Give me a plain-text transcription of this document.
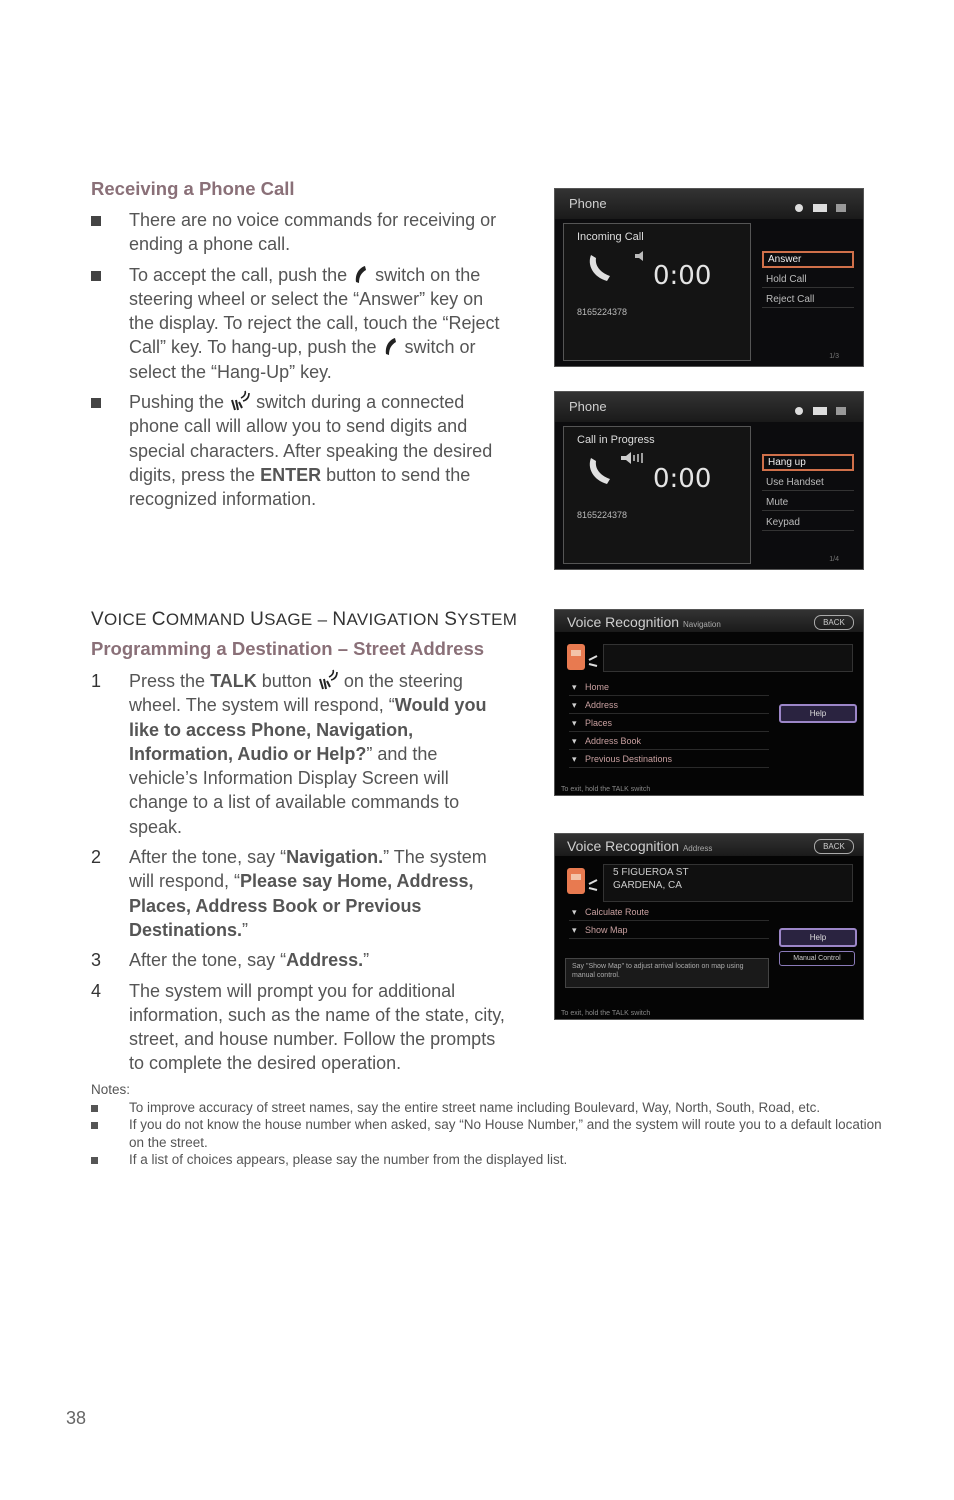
Receiving a Phone Call
There are no voice commands for receiving or ending a phone call.
To accept the call, push the switch on the steering wheel or select the “Answer” key on the display. To reject the call, touch the “Reject Call” key. To hang-up, push the switch or select the “Hang-Up” key.
Pushing the switch during a connected phone call will allow you to send digits and special characters. After speaking the desired digits, press the ENTER button to send the recognized information.
Phone

Incoming Call
0:00
8165224378
Answer
Hold Call
Reject Call
1/3
Phone

Call in Progress
0:00
8165224378
Hang up
Use Handset
Mute
Keypad
1/4
VOICE COMMAND USAGE – NAVIGATION SYSTEM
Programming a Destination – Street Address
1 Press the TALK button on the steering wheel. The system will respond, “Would you like to access Phone, Navigation, Information, Audio or Help?” and the vehicle’s Information Display Screen will change to a list of available commands to speak.
2 After the tone, say “Navigation.” The system will respond, “Please say Home, Address, Places, Address Book or Previous Destinations.”
3 After the tone, say “Address.”
4 The system will prompt you for additional information, such as the name of the state, city, street, and house number. Follow the prompts to complete the desired operation.
Voice Recognition Navigation	BACK
▾ Home
▾ Address
▾ Places
▾ Address Book
▾ Previous Destinations
Help
To exit, hold the TALK switch
Voice Recognition Address	BACK
5 FIGUEROA ST
GARDENA, CA
▾ Calculate Route
▾ Show Map
Help
Manual Control
Say "Show Map" to adjust arrival location on map using manual control.
To exit, hold the TALK switch
Notes:
To improve accuracy of street names, say the entire street name including Boulevard, Way, North, South, Road, etc.
If you do not know the house number when asked, say “No House Number,” and the system will route you to a default location on the street.
If a list of choices appears, please say the number from the displayed list.
38
